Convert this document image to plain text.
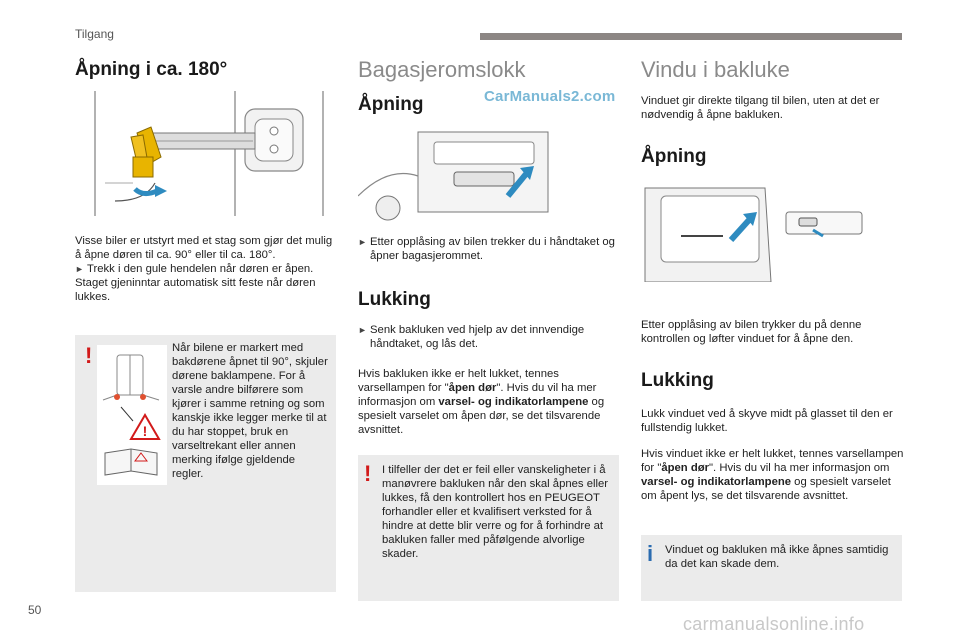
Tilgang
Åpning i ca. 180°

Visse biler er utstyrt med et stag som gjør det mulig å åpne døren til ca. 90° eller til ca. 180°.

► Trekk i den gule hendelen når døren er åpen.

Staget gjeninntar automatisk sitt feste når døren lukkes.

!
!

Når bilene er markert med bakdørene åpnet til 90°, skjuler dørene baklampene. For å varsle andre bilførere som kjører i samme retning og som kanskje ikke legger merke til at du har stoppet, bruk en varseltrekant eller annen merking ifølge gjeldende regler.

Bagasjeromslokk
Åpning
► Etter opplåsing av bilen trekker du i håndtaket og åpner bagasjerommet.
Lukking
► Senk bakluken ved hjelp av det innvendige håndtaket, og lås det.

Hvis bakluken ikke er helt lukket, tennes varsellampen for "åpen dør". Hvis du vil ha mer informasjon om varsel- og indikatorlampene og spesielt varselet om åpen dør, se det tilsvarende avsnittet.

! I tilfeller der det er feil eller vanskeligheter i å manøvrere bakluken når den skal åpnes eller lukkes, få den kontrollert hos en PEUGEOT forhandler eller et kvalifisert verksted for å hindre at dette blir verre og for å forhindre at bakluken faller med påfølgende alvorlige skader.

Vindu i bakluke

Vinduet gir direkte tilgang til bilen, uten at det er nødvendig å åpne bakluken.

Åpning

Etter opplåsing av bilen trykker du på denne kontrollen og løfter vinduet for å åpne den.

Lukking

Lukk vinduet ved å skyve midt på glasset til den er fullstendig lukket.

Hvis vinduet ikke er helt lukket, tennes varsellampen for "åpen dør". Hvis du vil ha mer informasjon om varsel- og indikatorlampene og spesielt varselet om åpent lys, se det tilsvarende avsnittet.

i Vinduet og bakluken må ikke åpnes samtidig da det kan skade dem.

CarManuals2.com
50
carmanualsonline.info
